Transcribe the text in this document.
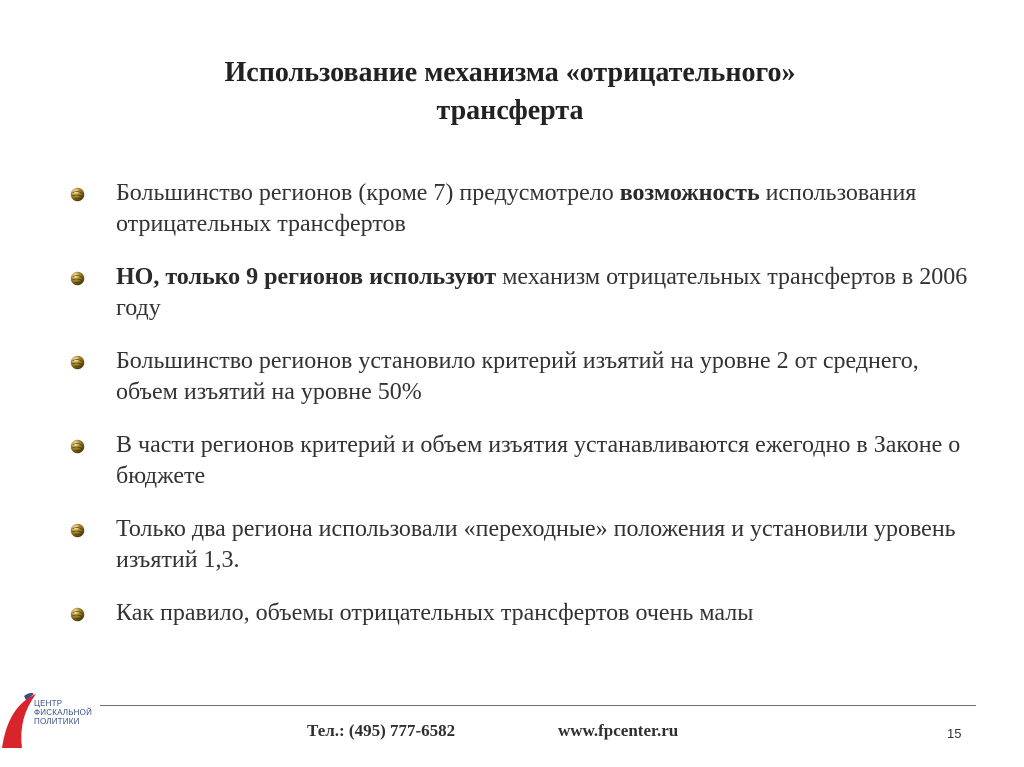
Использование механизма «отрицательного»
трансферта
Большинство регионов (кроме 7) предусмотрело возможность использования отрицательных трансфертов
НО, только 9 регионов используют механизм отрицательных трансфертов в 2006 году
Большинство регионов установило критерий изъятий на уровне 2 от среднего, объем изъятий на уровне 50%
В части регионов критерий и объем изъятия устанавливаются ежегодно в Законе о бюджете
Только два региона использовали «переходные» положения и установили уровень изъятий 1,3.
Как правило, объемы отрицательных трансфертов очень малы
Тел.: (495) 777-6582	www.fpcenter.ru	15
ЦЕНТР
ФИСКАЛЬНОЙ
ПОЛИТИКИ
